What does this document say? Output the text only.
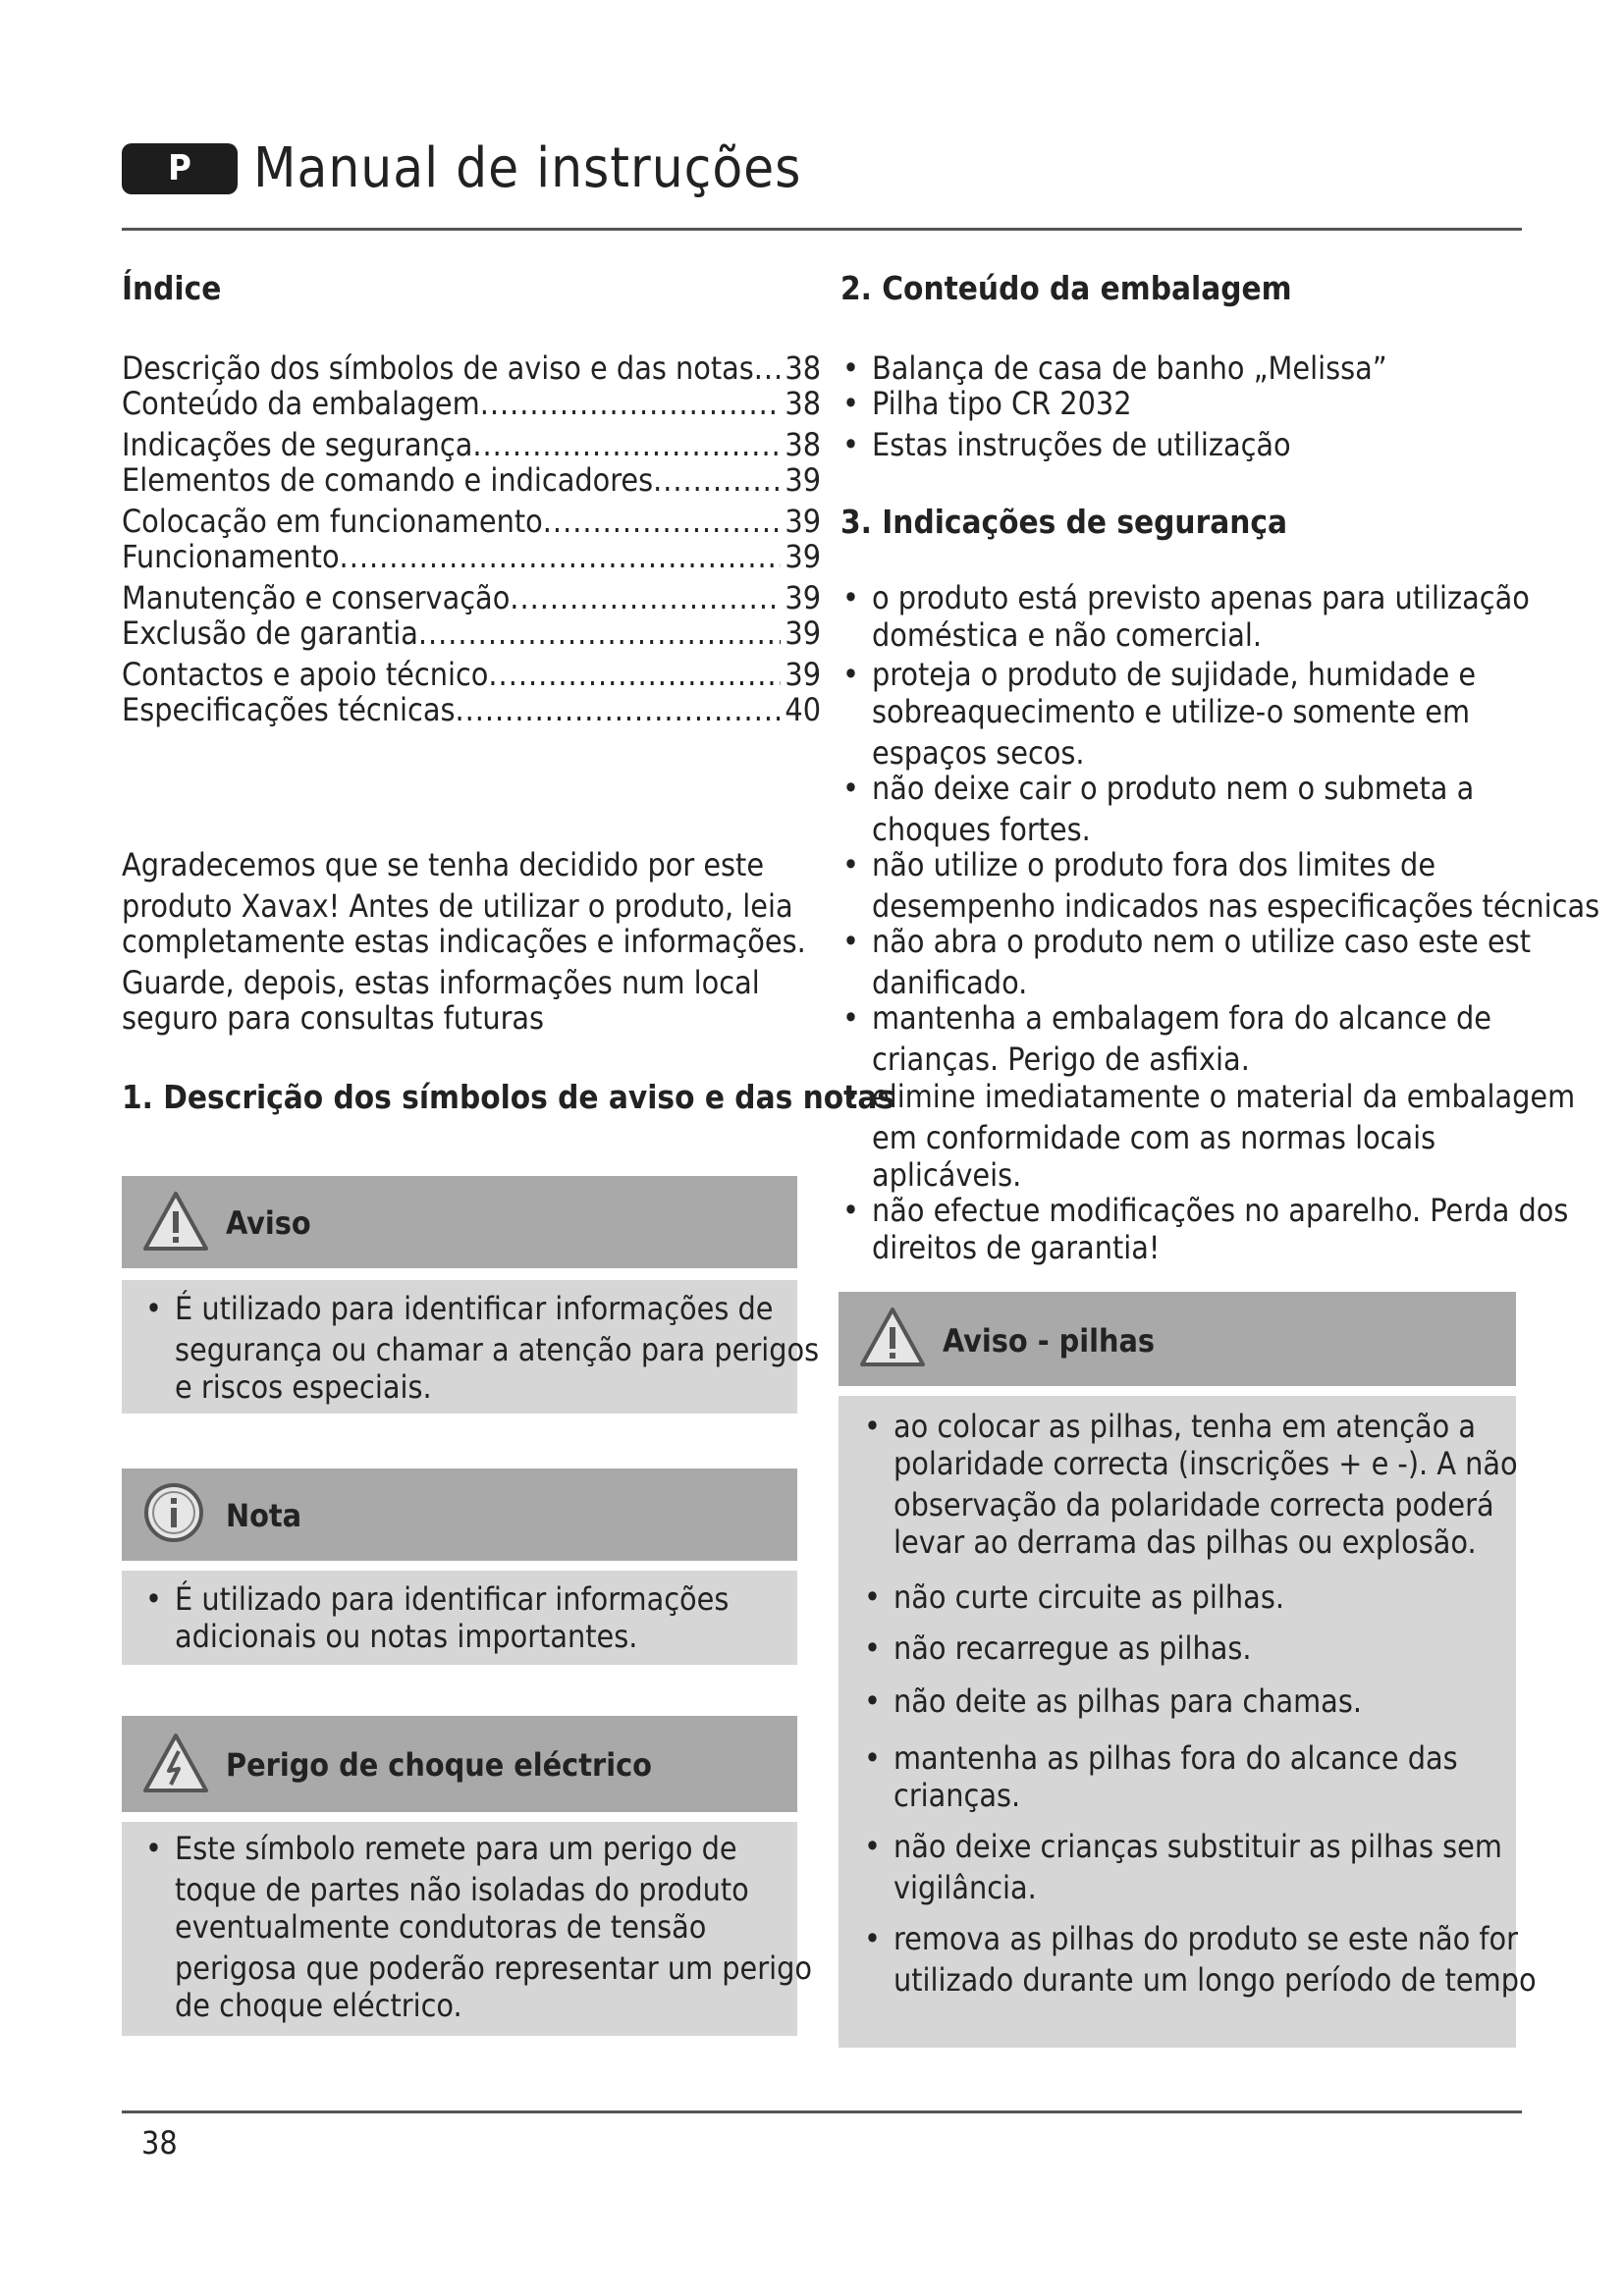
P	Manual de instruções
Índice
Descrição dos símbolos de aviso e das notas ..... 38
Conteúdo da embalagem .....	38
Indicações de segurança .....	38
Elementos de comando e indicadores .....	39
Colocação em funcionamento .....	39
Funcionamento .....	39
Manutenção e conservação .....	39
Exclusão de garantia .....	39
Contactos e apoio técnico .....	39
Especificações técnicas .....	40
Agradecemos que se tenha decidido por este
produto Xavax! Antes de utilizar o produto, leia
completamente estas indicações e informações.
Guarde, depois, estas informações num local
seguro para consultas futuras
1. Descrição dos símbolos de aviso e das notas
Aviso
• É utilizado para identificar informações de
segurança ou chamar a atenção para perigos
e riscos especiais.
Nota
• É utilizado para identificar informações
adicionais ou notas importantes.
Perigo de choque eléctrico
• Este símbolo remete para um perigo de
toque de partes não isoladas do produto
eventualmente condutoras de tensão
perigosa que poderão representar um perigo
de choque eléctrico.
2. Conteúdo da embalagem
• Balança de casa de banho „Melissa”
• Pilha tipo CR 2032
• Estas instruções de utilização
3. Indicações de segurança
• o produto está previsto apenas para utilização
doméstica e não comercial.
• proteja o produto de sujidade, humidade e
sobreaquecimento e utilize-o somente em
espaços secos.
• não deixe cair o produto nem o submeta a
choques fortes.
• não utilize o produto fora dos limites de
desempenho indicados nas especificações técnicas
• não abra o produto nem o utilize caso este est
danificado.
• mantenha a embalagem fora do alcance de
crianças. Perigo de asfixia.
• elimine imediatamente o material da embalagem
em conformidade com as normas locais
aplicáveis.
• não efectue modificações no aparelho. Perda dos
direitos de garantia!
Aviso - pilhas
• ao colocar as pilhas, tenha em atenção a
polaridade correcta (inscrições + e -). A não
observação da polaridade correcta poderá
levar ao derrama das pilhas ou explosão.
• não curte circuite as pilhas.
• não recarregue as pilhas.
• não deite as pilhas para chamas.
• mantenha as pilhas fora do alcance das
crianças.
• não deixe crianças substituir as pilhas sem
vigilância.
• remova as pilhas do produto se este não for
utilizado durante um longo período de tempo
38
